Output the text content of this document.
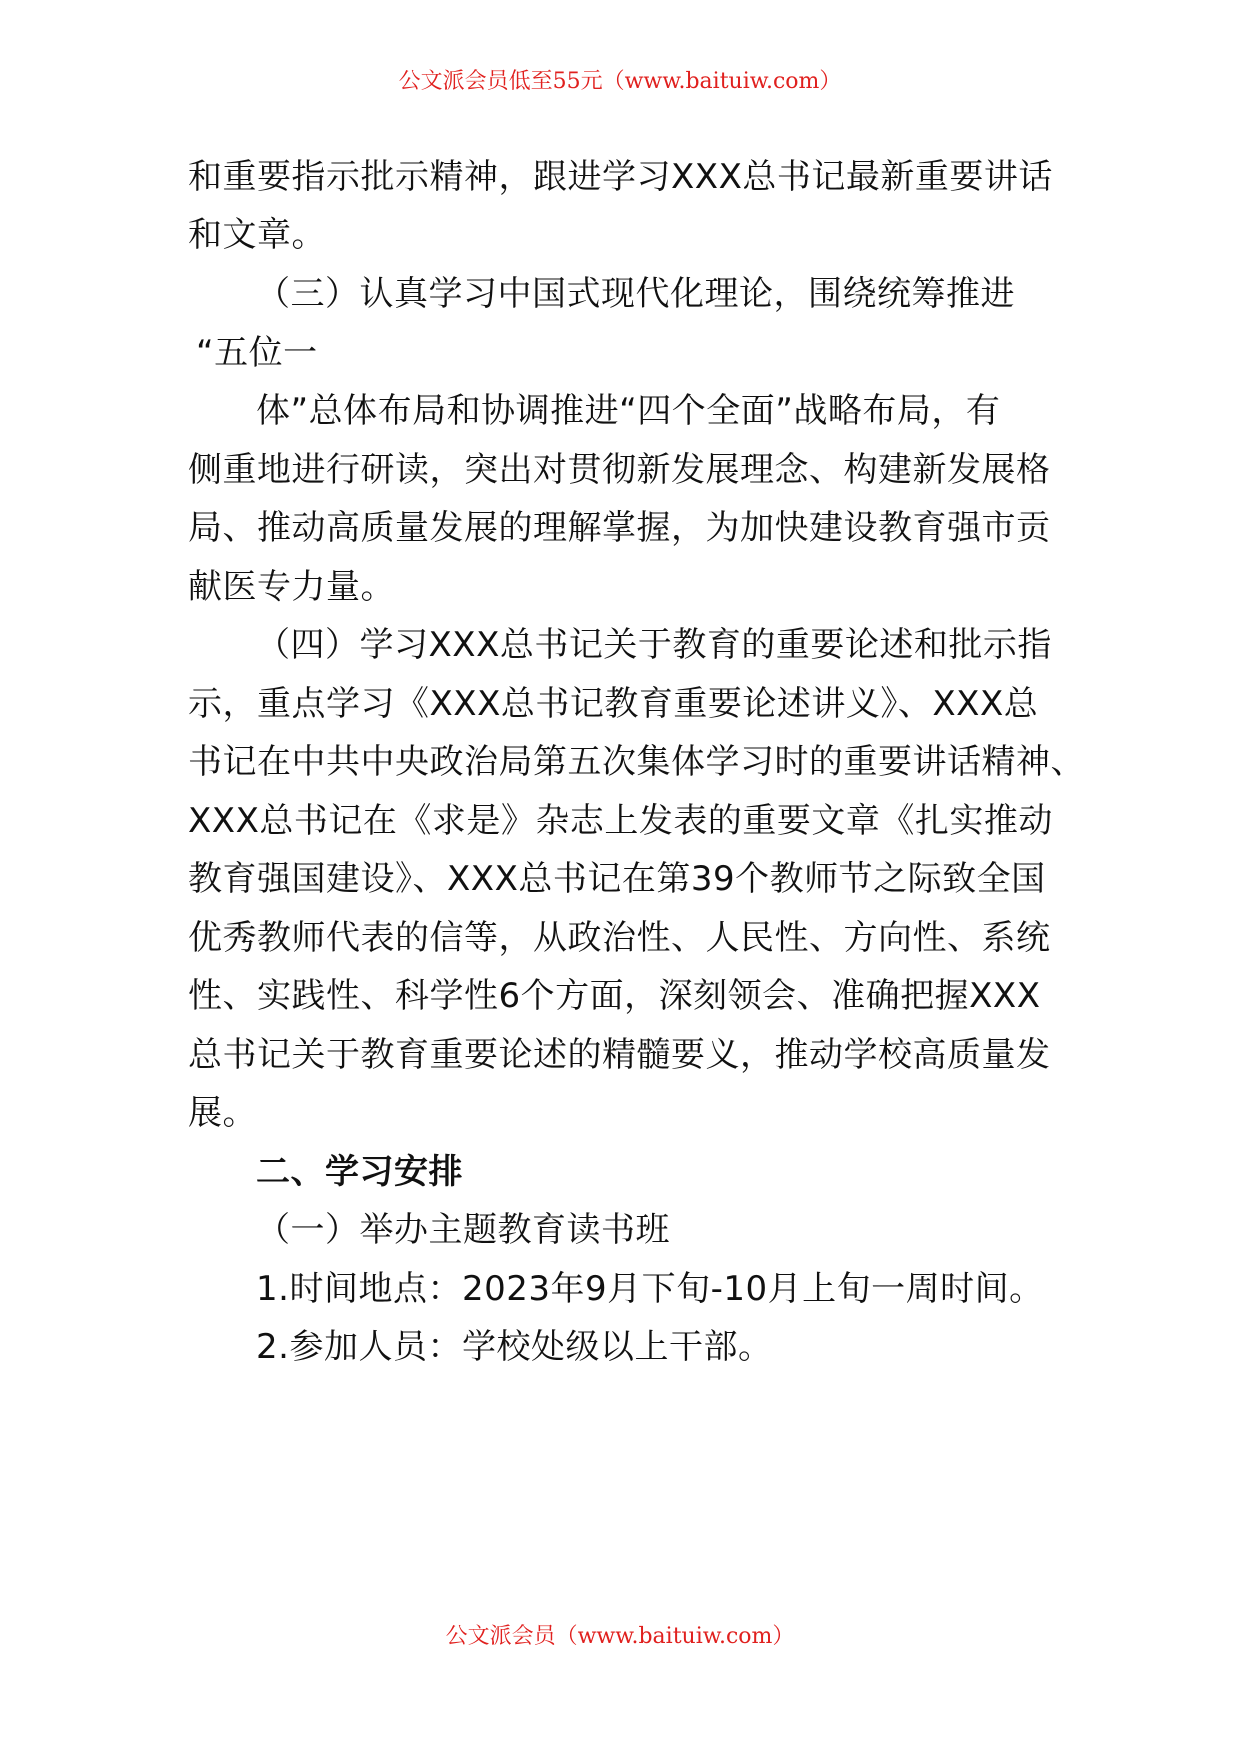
公文派会员低至55元（www.baituiw.com）
和重要指示批示精神，跟进学习XXX总书记最新重要讲话
和文章。
（三）认真学习中国式现代化理论，围绕统筹推进
“五位一
体”总体布局和协调推进“四个全面”战略布局，有
侧重地进行研读，突出对贯彻新发展理念、构建新发展格
局、推动高质量发展的理解掌握，为加快建设教育强市贡
献医专力量。
（四）学习XXX总书记关于教育的重要论述和批示指
示，重点学习《XXX总书记教育重要论述讲义》、XXX总
书记在中共中央政治局第五次集体学习时的重要讲话精神、
XXX总书记在《求是》杂志上发表的重要文章《扎实推动
教育强国建设》、XXX总书记在第39个教师节之际致全国
优秀教师代表的信等，从政治性、人民性、方向性、系统
性、实践性、科学性6个方面，深刻领会、准确把握XXX
总书记关于教育重要论述的精髓要义，推动学校高质量发
展。
二、学习安排
（一）举办主题教育读书班
1.时间地点：2023年9月下旬-10月上旬一周时间。
2.参加人员：学校处级以上干部。
公文派会员（www.baituiw.com）
